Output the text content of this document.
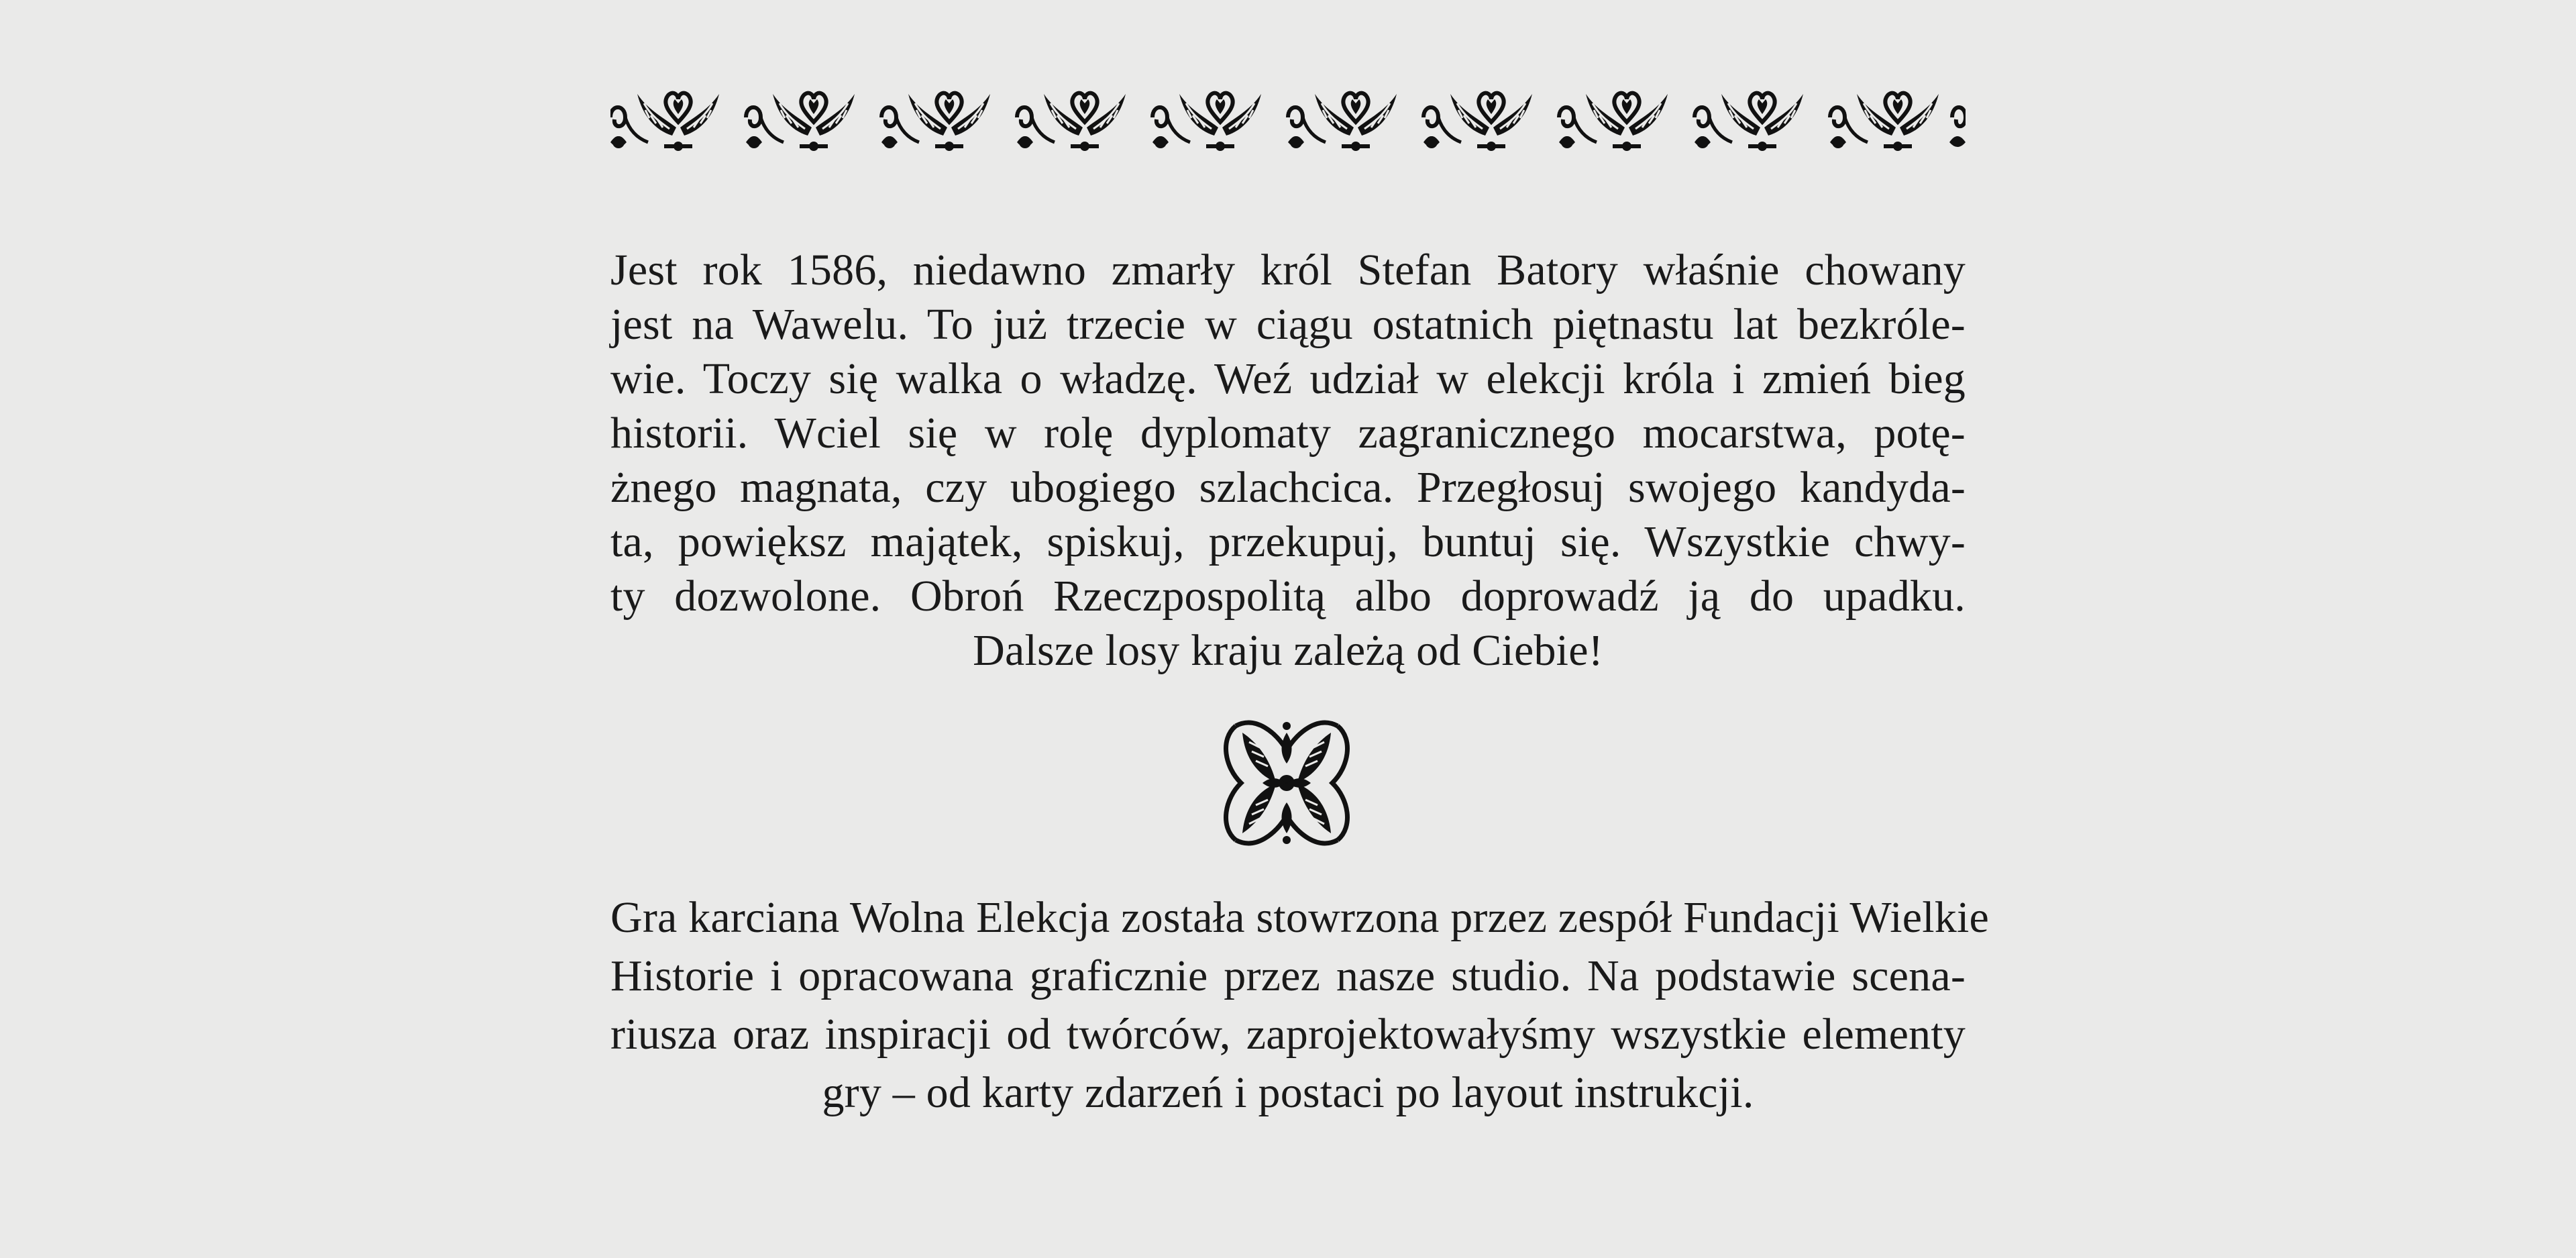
Jest rok 1586, niedawno zmarły król Stefan Batory właśnie chowany
jest na Wawelu. To już trzecie w ciągu ostatnich piętnastu lat bezkróle-
wie. Toczy się walka o władzę. Weź udział w elekcji króla i zmień bieg
historii. Wciel się w rolę dyplomaty zagranicznego mocarstwa, potę-
żnego magnata, czy ubogiego szlachcica. Przegłosuj swojego kandyda-
ta, powiększ majątek, spiskuj, przekupuj, buntuj się. Wszystkie chwy-
ty dozwolone. Obroń Rzeczpospolitą albo doprowadź ją do upadku.
Dalsze losy kraju zależą od Ciebie!

Gra karciana Wolna Elekcja została stowrzona przez zespół Fundacji Wielkie
Historie i opracowana graficznie przez nasze studio. Na podstawie scena-
riusza oraz inspiracji od twórców, zaprojektowałyśmy wszystkie elementy
gry – od karty zdarzeń i postaci po layout instrukcji.
